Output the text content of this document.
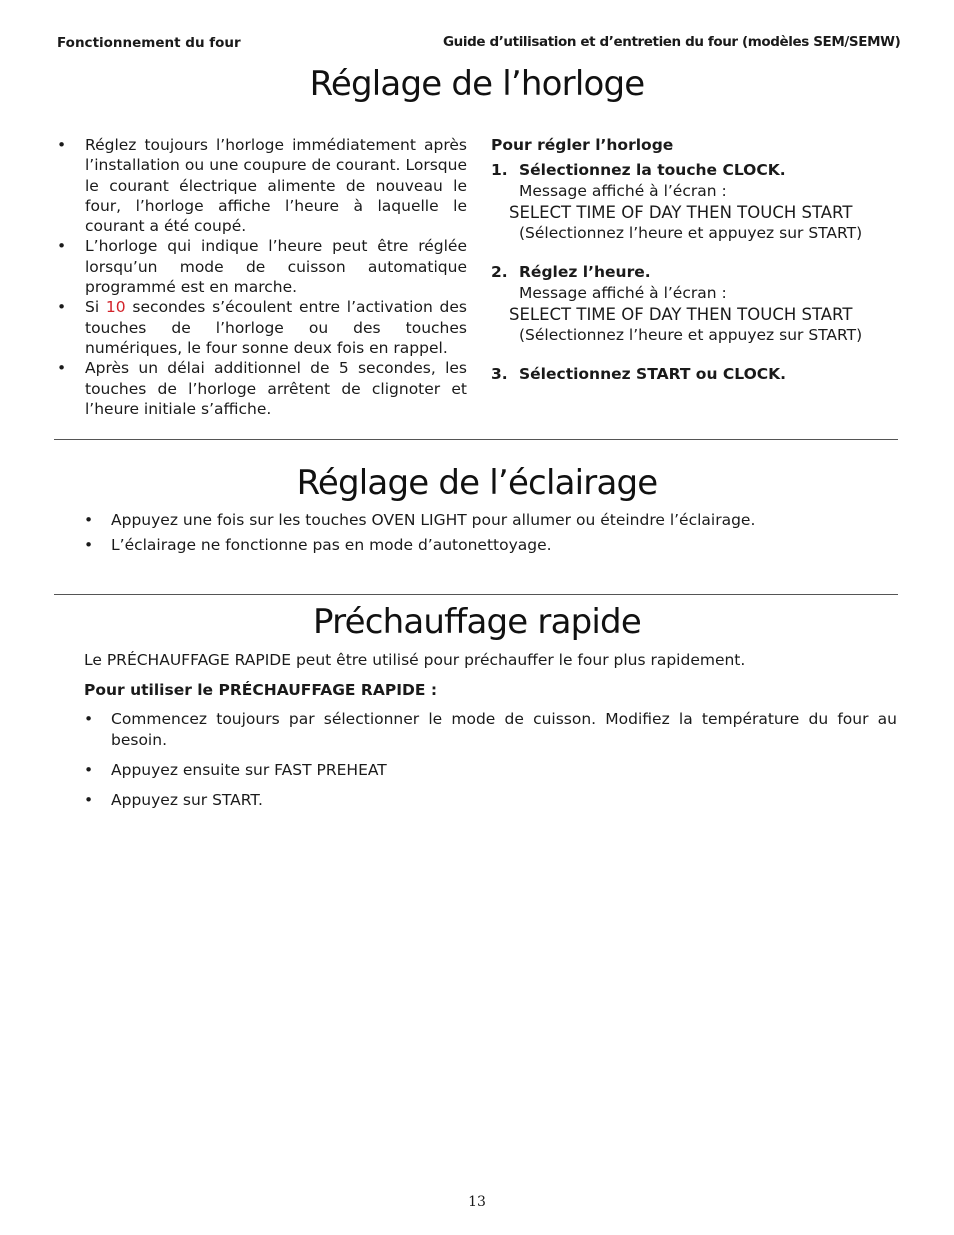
Fonctionnement du four	Guide d’utilisation et d’entretien du four (modèles SEM/SEMW)
Réglage de l’horloge
• Réglez toujours l’horloge immédiatement après l’installation ou une coupure de courant. Lorsque le courant électrique alimente de nouveau le four, l’horloge affiche l’heure à laquelle le courant a été coupé.
• L’horloge qui indique l’heure peut être réglée lorsqu’un mode de cuisson automatique programmé est en marche.
• Si 10 secondes s’écoulent entre l’activation des touches de l’horloge ou des touches numériques, le four sonne deux fois en rappel.
• Après un délai additionnel de 5 secondes, les touches de l’horloge arrêtent de clignoter et l’heure initiale s’affiche.
Pour régler l’horloge
1. Sélectionnez la touche CLOCK.
Message affiché à l’écran :
SELECT TIME OF DAY THEN TOUCH START
(Sélectionnez l’heure et appuyez sur START)
2. Réglez l’heure.
Message affiché à l’écran :
SELECT TIME OF DAY THEN TOUCH START
(Sélectionnez l’heure et appuyez sur START)
3. Sélectionnez START ou CLOCK.
Réglage de l’éclairage
• Appuyez une fois sur les touches OVEN LIGHT pour allumer ou éteindre l’éclairage.
• L’éclairage ne fonctionne pas en mode d’autonettoyage.
Préchauffage rapide
Le PRÉCHAUFFAGE RAPIDE peut être utilisé pour préchauffer le four plus rapidement.
Pour utiliser le PRÉCHAUFFAGE RAPIDE :
• Commencez toujours par sélectionner le mode de cuisson. Modifiez la température du four au besoin.
• Appuyez ensuite sur FAST PREHEAT
• Appuyez sur START.
13
